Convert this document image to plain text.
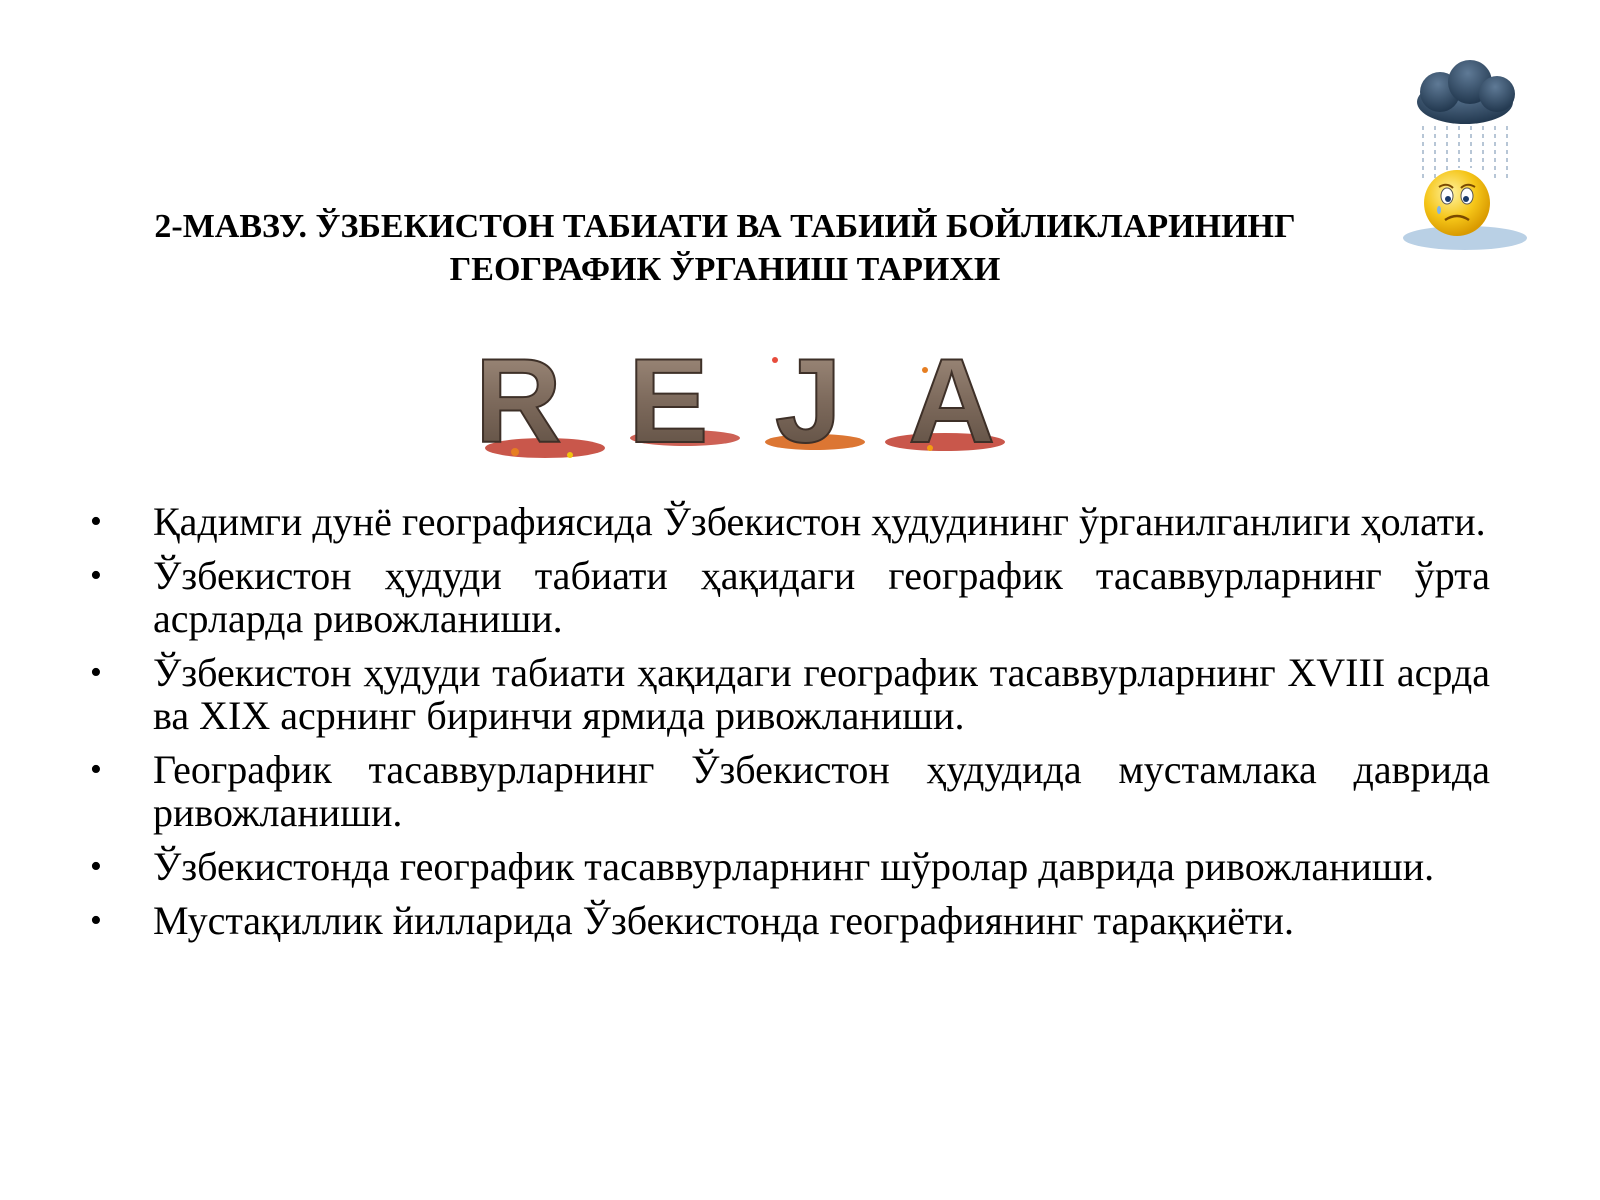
2-МАВЗУ. ЎЗБЕКИСТОН ТАБИАТИ ВА ТАБИИЙ БОЙЛИКЛАРИНИНГ
ГЕОГРАФИК ЎРГАНИШ ТАРИХИ
REJA
• Қадимги дунё географиясида Ўзбекистон ҳудудининг ўрганилганлиги ҳолати.
• Ўзбекистон ҳудуди табиати ҳақидаги географик тасаввурларнинг ўрта асрларда ривожланиши.
• Ўзбекистон ҳудуди табиати ҳақидаги географик тасаввурларнинг XVIII асрда ва XIX асрнинг биринчи ярмида ривожланиши.
• Географик тасаввурларнинг Ўзбекистон ҳудудида мустамлака даврида ривожланиши.
• Ўзбекистонда географик тасаввурларнинг шўролар даврида ривожланиши.
• Мустақиллик йилларида Ўзбекистонда географиянинг тараққиёти.
